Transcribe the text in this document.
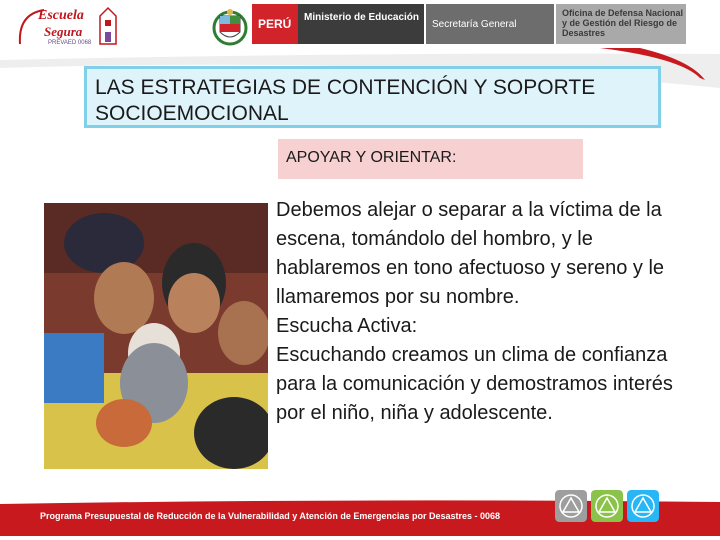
Escuela
Segura
PREVAED 0068
PERÚ	Ministerio de Educación
Secretaría General
Oficina de Defensa Nacional y de Gestión del Riesgo de Desastres
LAS ESTRATEGIAS DE CONTENCIÓN Y SOPORTE SOCIOEMOCIONAL
APOYAR Y ORIENTAR:

Debemos alejar o separar a la víctima de la escena, tomándolo del hombro, y le hablaremos en tono afectuoso y sereno y le llamaremos por su nombre.

Escucha Activa:

Escuchando creamos un clima de confianza para la comunicación y demostramos interés por el niño, niña y adolescente.

Programa Presupuestal de Reducción de la Vulnerabilidad y Atención de Emergencias por Desastres - 0068
